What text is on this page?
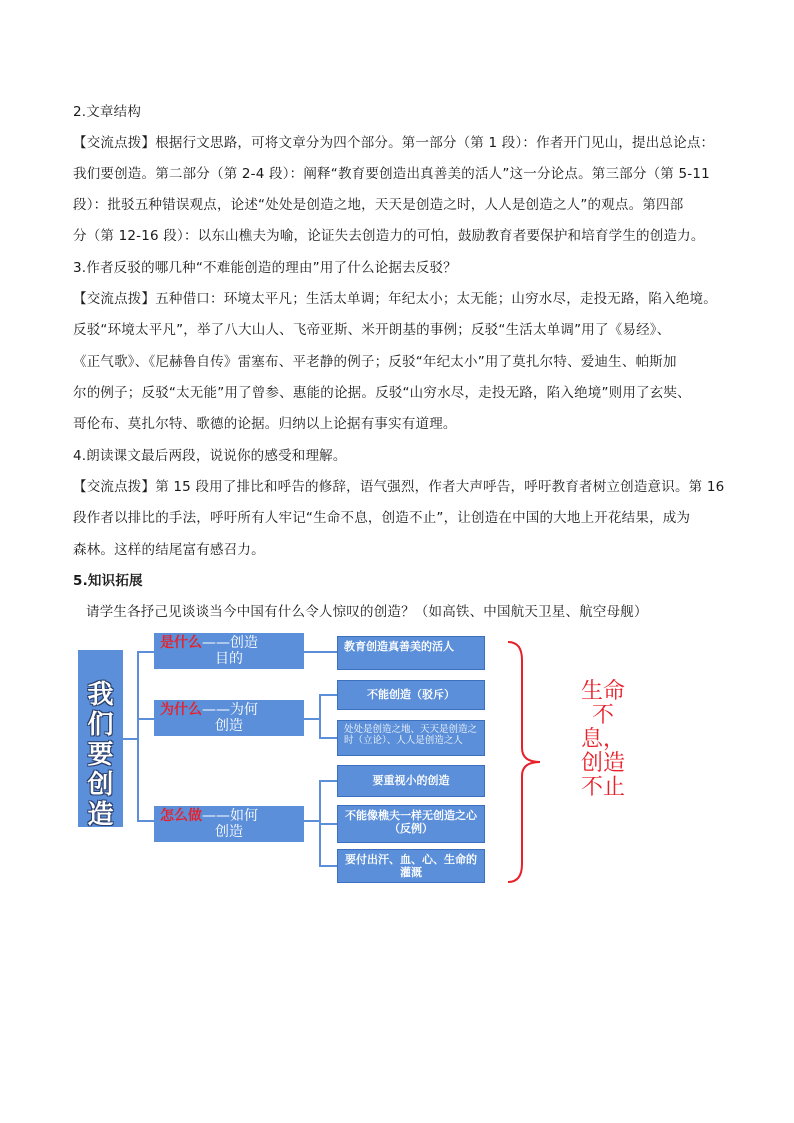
2.文章结构
【交流点拨】根据行文思路，可将文章分为四个部分。第一部分（第 1 段）：作者开门见山，提出总论点：
我们要创造。第二部分（第 2-4 段）：阐释“教育要创造出真善美的活人”这一分论点。第三部分（第 5-11
段）：批驳五种错误观点，论述“处处是创造之地，天天是创造之时，人人是创造之人”的观点。第四部
分（第 12-16 段）：以东山樵夫为喻，论证失去创造力的可怕，鼓励教育者要保护和培育学生的创造力。
3.作者反驳的哪几种“不难能创造的理由”用了什么论据去反驳？
【交流点拨】五种借口：环境太平凡；生活太单调；年纪太小；太无能；山穷水尽，走投无路，陷入绝境。
反驳“环境太平凡”，举了八大山人、飞帝亚斯、米开朗基的事例；反驳“生活太单调”用了《易经》、
《正气歌》、《尼赫鲁自传》雷塞布、平老静的例子；反驳“年纪太小”用了莫扎尔特、爱迪生、帕斯加
尔的例子；反驳“太无能”用了曾参、惠能的论据。反驳“山穷水尽，走投无路，陷入绝境”则用了玄奘、
哥伦布、莫扎尔特、歌德的论据。归纳以上论据有事实有道理。
4.朗读课文最后两段，说说你的感受和理解。
【交流点拨】第 15 段用了排比和呼告的修辞，语气强烈，作者大声呼告，呼吁教育者树立创造意识。第 16
段作者以排比的手法，呼吁所有人牢记“生命不息，创造不止”，让创造在中国的大地上开花结果，成为
森林。这样的结尾富有感召力。
5.知识拓展
请学生各抒己见谈谈当今中国有什么令人惊叹的创造？（如高铁、中国航天卫星、航空母舰）
我们要创造
是什么——创造
目的
为什么——为何
创造
怎么做——如何
创造
教育创造真善美的活人
不能创造（驳斥）
处处是创造之地、天天是创造之时（立论）、人人是创造之人
要重视小的创造
不能像樵夫一样无创造之心（反例）
要付出汗、血、心、生命的灌溉
生命不息，创造不止
